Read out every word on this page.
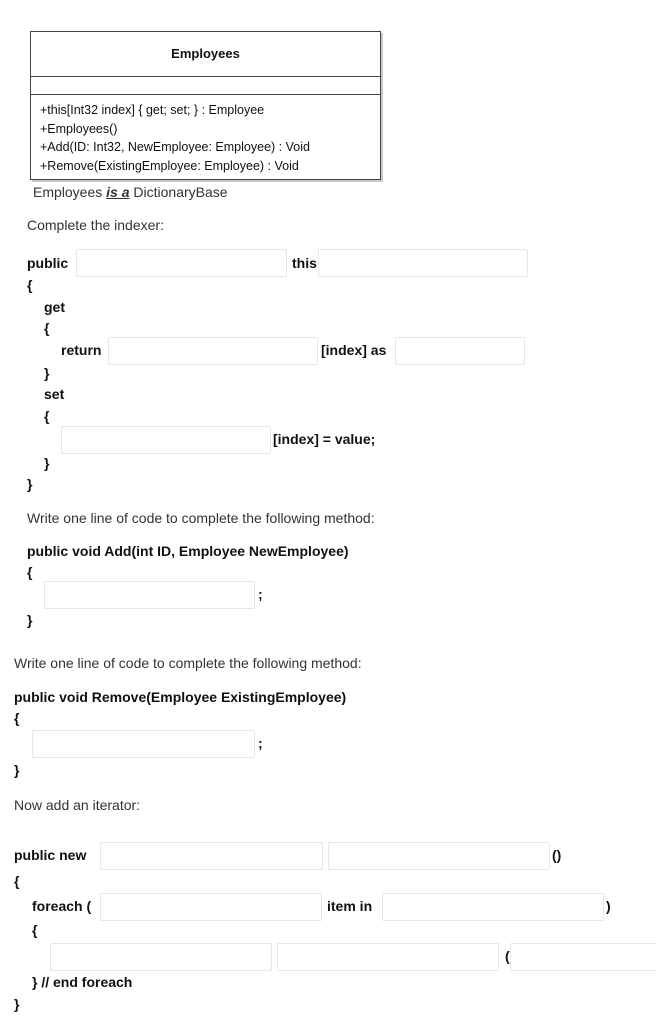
Employees
+this[Int32 index] { get; set; } : Employee
+Employees()
+Add(ID: Int32, NewEmployee: Employee) : Void
+Remove(ExistingEmployee: Employee) : Void
Employees is a DictionaryBase
Complete the indexer:
public	this
{
get
{
return	[index] as
}
set
{
[index] = value;
}
}
Write one line of code to complete the following method:
public void Add(int ID, Employee NewEmployee)
{
;
}
Write one line of code to complete the following method:
public void Remove(Employee ExistingEmployee)
{
;
}
Now add an iterator:
public new	()
{
foreach (	item in	)
{
(
} // end foreach
}
